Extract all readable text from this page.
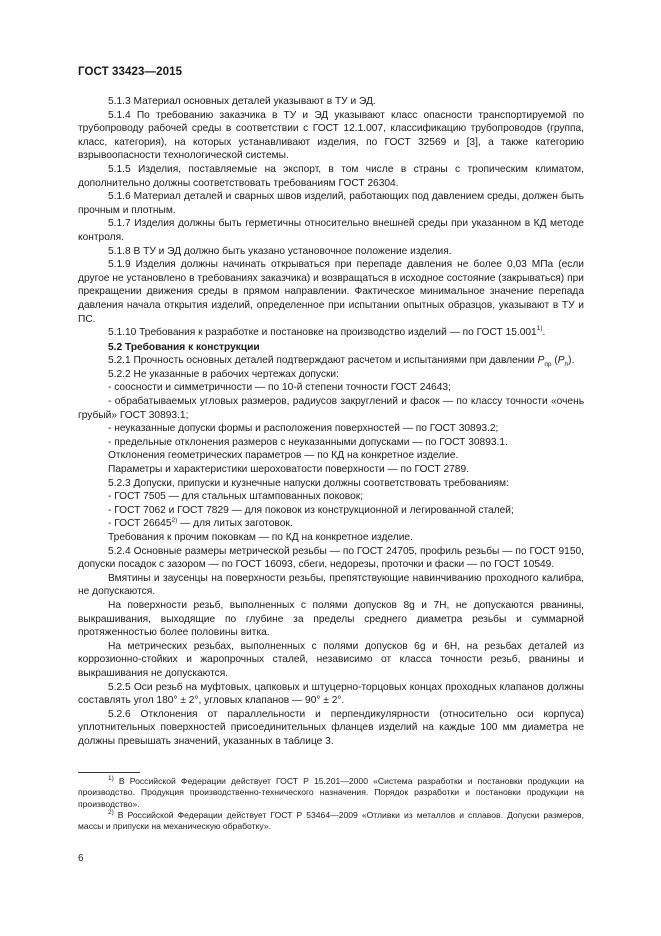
ГОСТ 33423—2015

5.1.3 Материал основных деталей указывают в ТУ и ЭД.

5.1.4 По требованию заказчика в ТУ и ЭД указывают класс опасности транспортируемой по трубопроводу рабочей среды в соответствии с ГОСТ 12.1.007, классификацию трубопроводов (группа, класс, категория), на которых устанавливают изделия, по ГОСТ 32569 и [3], а также категорию взрывоопасности технологической системы.

5.1.5 Изделия, поставляемые на экспорт, в том числе в страны с тропическим климатом, дополнительно должны соответствовать требованиям ГОСТ 26304.

5.1.6 Материал деталей и сварных швов изделий, работающих под давлением среды, должен быть прочным и плотным.

5.1.7 Изделия должны быть герметичны относительно внешней среды при указанном в КД методе контроля.

5.1.8 В ТУ и ЭД должно быть указано установочное положение изделия.

5.1.9 Изделия должны начинать открываться при перепаде давления не более 0,03 МПа (если другое не установлено в требованиях заказчика) и возвращаться в исходное состояние (закрываться) при прекращении движения среды в прямом направлении. Фактическое минимальное значение перепада давления начала открытия изделий, определенное при испытании опытных образцов, указывают в ТУ и ПС.

5.1.10 Требования к разработке и постановке на производство изделий — по ГОСТ 15.001$^{1)}$.

5.2 Требования к конструкции

5.2.1 Прочность основных деталей подтверждают расчетом и испытаниями при давлении $P_{пр}$ $(P_h)$.

5.2.2 Не указанные в рабочих чертежах допуски:

- соосности и симметричности — по 10-й степени точности ГОСТ 24643;

- обрабатываемых угловых размеров, радиусов закруглений и фасок — по классу точности «очень грубый» ГОСТ 30893.1;

- неуказанные допуски формы и расположения поверхностей — по ГОСТ 30893.2;

- предельные отклонения размеров с неуказанными допусками — по ГОСТ 30893.1.

Отклонения геометрических параметров — по КД на конкретное изделие.

Параметры и характеристики шероховатости поверхности — по ГОСТ 2789.

5.2.3 Допуски, припуски и кузнечные напуски должны соответствовать требованиям:

- ГОСТ 7505 — для стальных штампованных поковок;

- ГОСТ 7062 и ГОСТ 7829 — для поковок из конструкционной и легированной сталей;

- ГОСТ 26645$^{2)}$ — для литых заготовок.

Требования к прочим поковкам — по КД на конкретное изделие.

5.2.4 Основные размеры метрической резьбы — по ГОСТ 24705, профиль резьбы — по ГОСТ 9150, допуски посадок с зазором — по ГОСТ 16093, сбеги, недорезы, проточки и фаски — по ГОСТ 10549.

Вмятины и заусенцы на поверхности резьбы, препятствующие навинчиванию проходного калибра, не допускаются.

На поверхности резьб, выполненных с полями допусков 8g и 7H, не допускаются рванины, выкрашивания, выходящие по глубине за пределы среднего диаметра резьбы и суммарной протяженностью более половины витка.

На метрических резьбах, выполненных с полями допусков 6g и 6H, на резьбах деталей из коррозионно-стойких и жаропрочных сталей, независимо от класса точности резьб, рванины и выкрашивания не допускаются.

5.2.5 Оси резьб на муфтовых, цапковых и штуцерно-торцовых концах проходных клапанов должны составлять угол 180° ± 2°, угловых клапанов — 90° ± 2°.

5.2.6 Отклонения от параллельности и перпендикулярности (относительно оси корпуса) уплотнительных поверхностей присоединительных фланцев изделий на каждые 100 мм диаметра не должны превышать значений, указанных в таблице 3.

$^{1)}$ В Российской Федерации действует ГОСТ Р 15.201—2000 «Система разработки и постановки продукции на производство. Продукция производственно-технического назначения. Порядок разработки и постановки продукции на производство».

$^{2)}$ В Российской Федерации действует ГОСТ Р 53464—2009 «Отливки из металлов и сплавов. Допуски размеров, массы и припуски на механическую обработку».

6
